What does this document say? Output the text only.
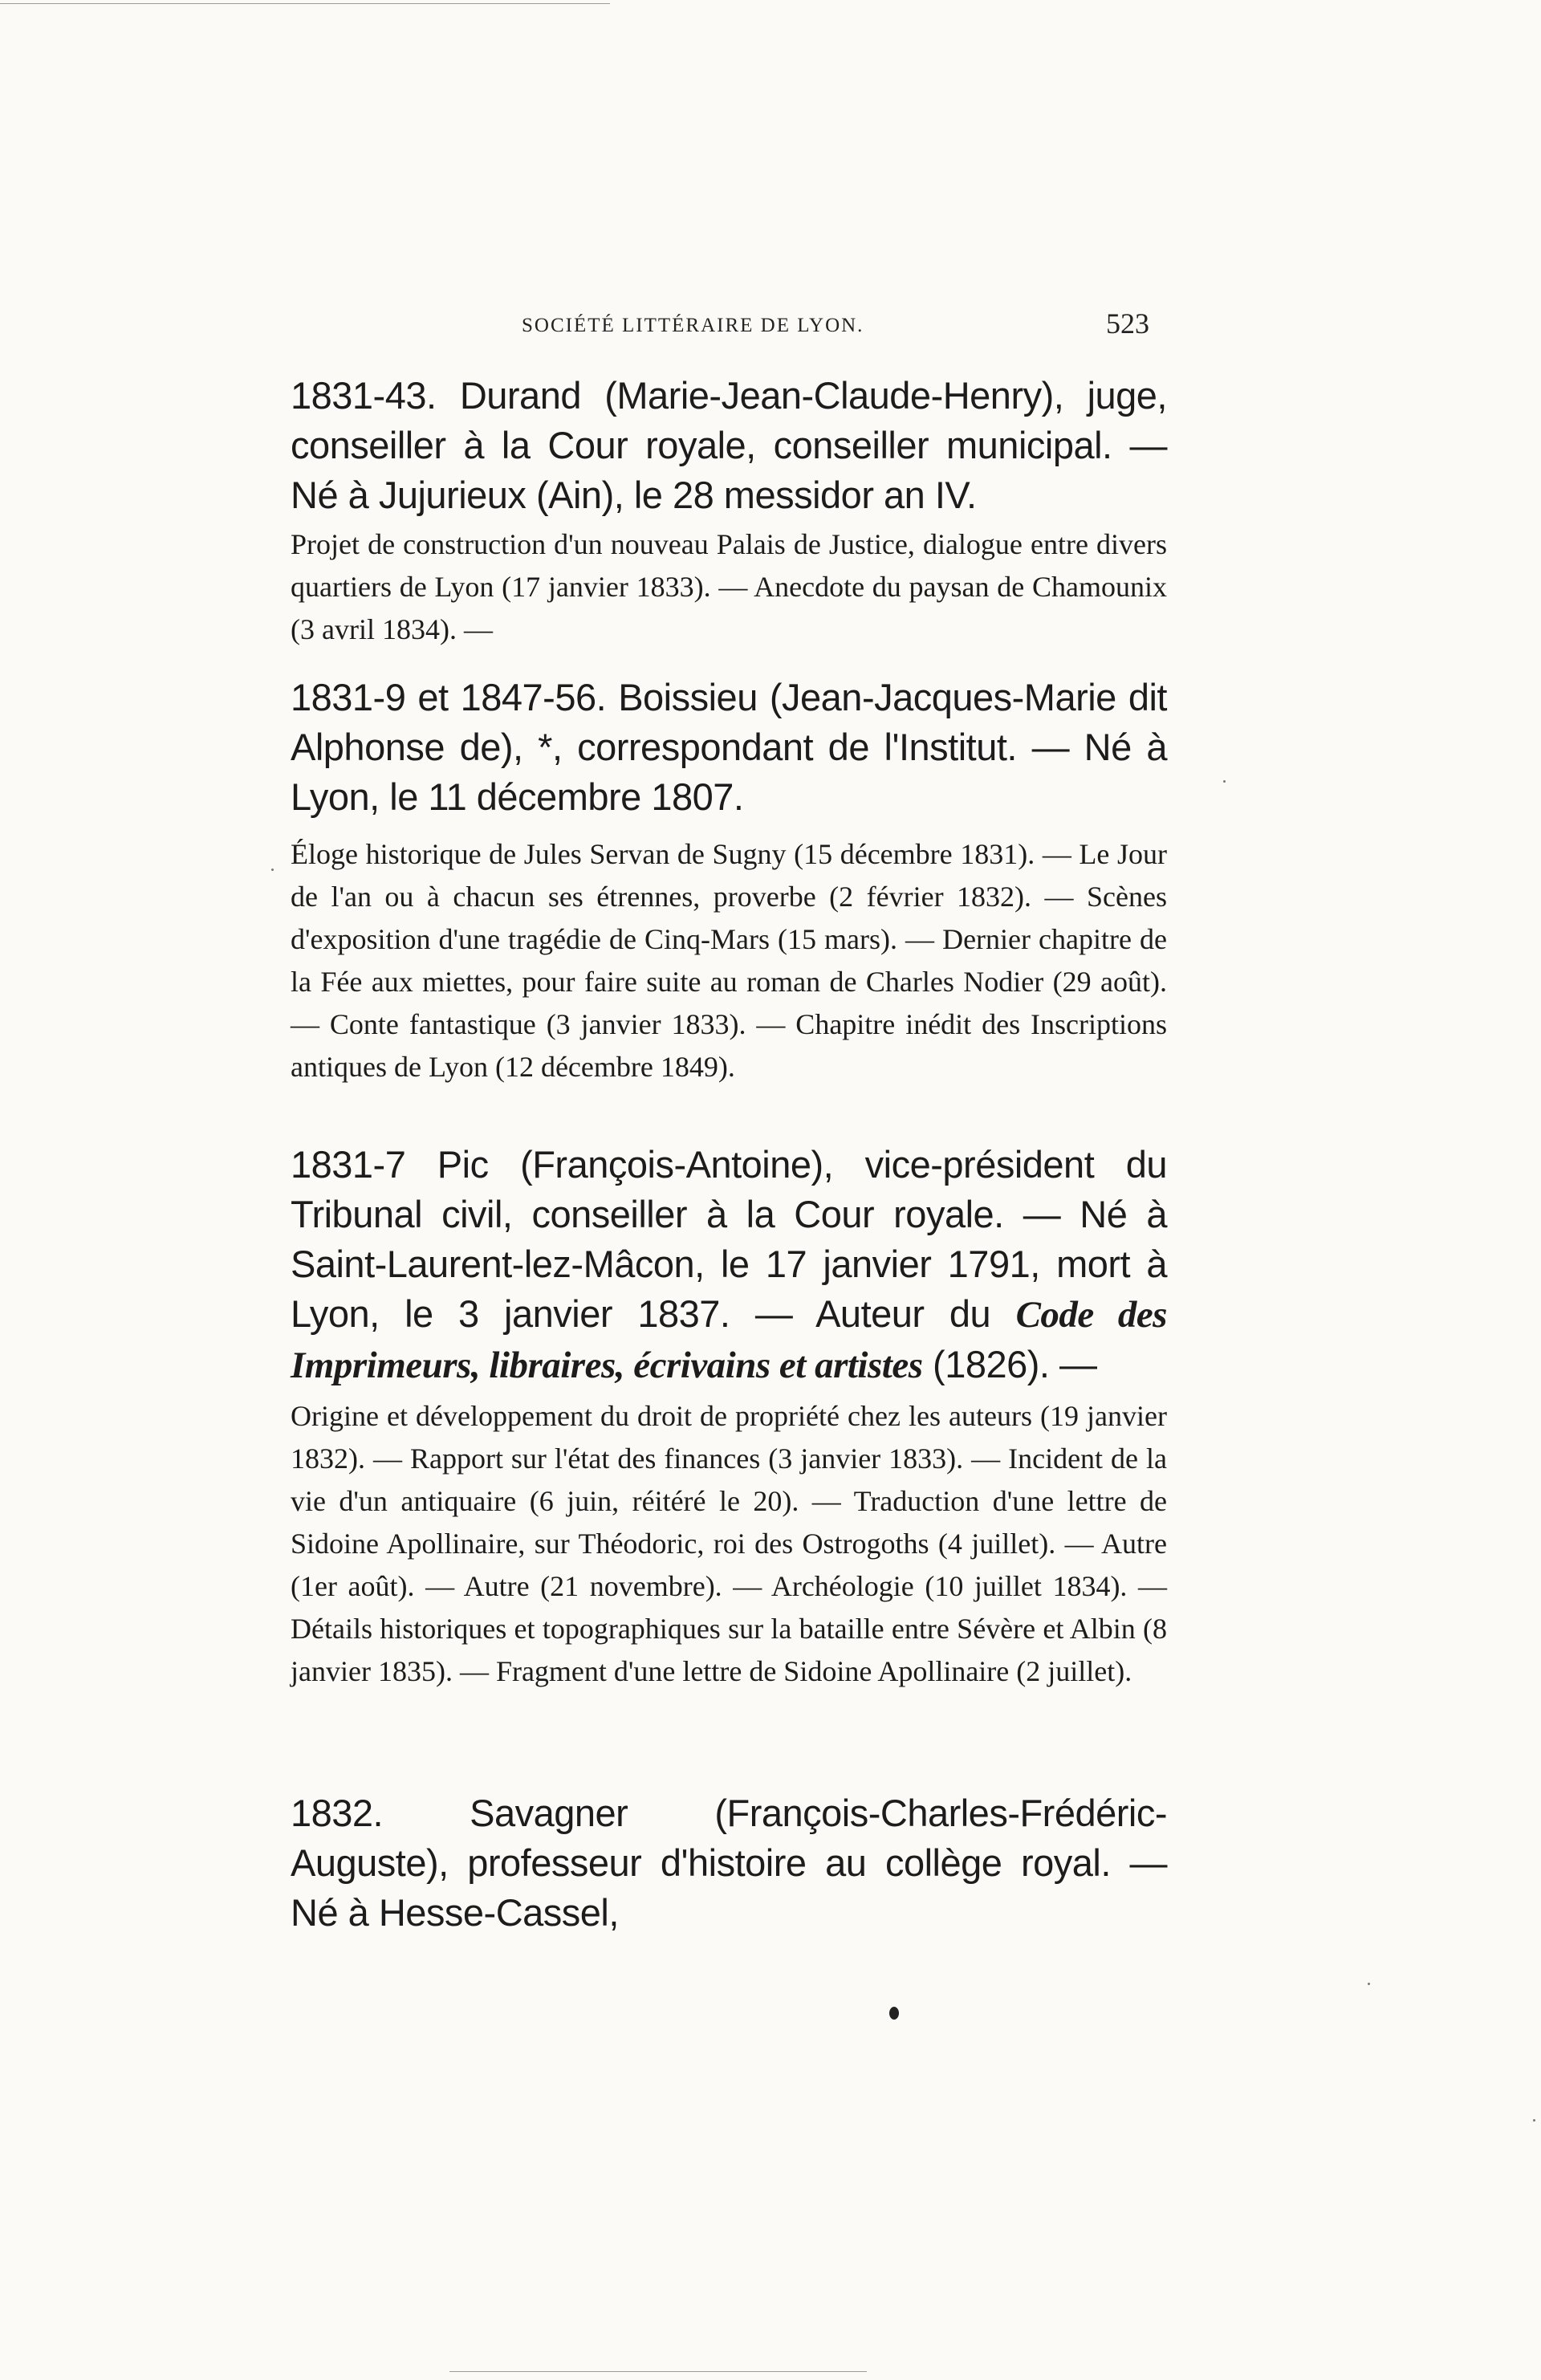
SOCIÉTÉ LITTÉRAIRE DE LYON.	523
1831-43. Durand (Marie-Jean-Claude-Henry), juge, conseiller à la Cour royale, conseiller municipal. — Né à Jujurieux (Ain), le 28 messidor an IV.
Projet de construction d'un nouveau Palais de Justice, dialogue entre divers quartiers de Lyon (17 janvier 1833). — Anecdote du paysan de Chamounix (3 avril 1834). —
1831-9 et 1847-56. Boissieu (Jean-Jacques-Marie dit Alphonse de), *, correspondant de l'Institut. — Né à Lyon, le 11 décembre 1807.
Éloge historique de Jules Servan de Sugny (15 décembre 1831). — Le Jour de l'an ou à chacun ses étrennes, proverbe (2 février 1832). — Scènes d'exposition d'une tragédie de Cinq-Mars (15 mars). — Dernier chapitre de la Fée aux miettes, pour faire suite au roman de Charles Nodier (29 août). — Conte fantastique (3 janvier 1833). — Chapitre inédit des Inscriptions antiques de Lyon (12 décembre 1849).
1831-7 Pic (François-Antoine), vice-président du Tribunal civil, conseiller à la Cour royale. — Né à Saint-Laurent-lez-Mâcon, le 17 janvier 1791, mort à Lyon, le 3 janvier 1837. — Auteur du Code des Imprimeurs, libraires, écrivains et artistes (1826). —
Origine et développement du droit de propriété chez les auteurs (19 janvier 1832). — Rapport sur l'état des finances (3 janvier 1833). — Incident de la vie d'un antiquaire (6 juin, réitéré le 20). — Traduction d'une lettre de Sidoine Apollinaire, sur Théodoric, roi des Ostrogoths (4 juillet). — Autre (1er août). — Autre (21 novembre). — Archéologie (10 juillet 1834). — Détails historiques et topographiques sur la bataille entre Sévère et Albin (8 janvier 1835). — Fragment d'une lettre de Sidoine Apollinaire (2 juillet).
1832. Savagner (François-Charles-Frédéric-Auguste), professeur d'histoire au collège royal. — Né à Hesse-Cassel,
